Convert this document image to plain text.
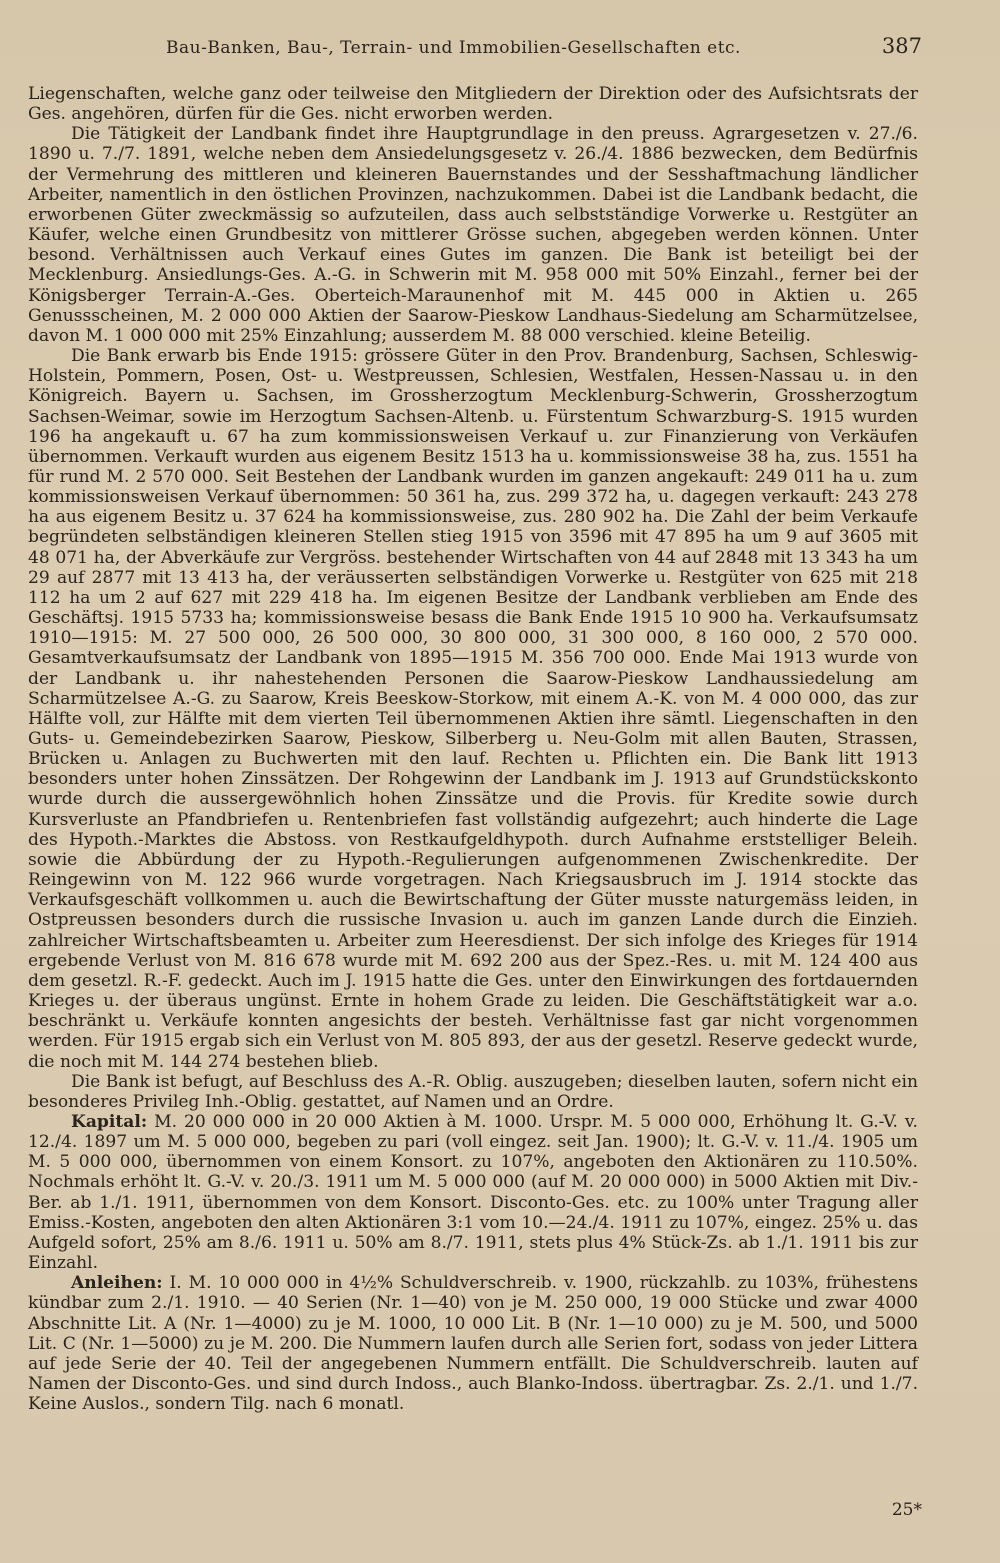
Bau-Banken, Bau-, Terrain- und Immobilien-Gesellschaften etc.	387

Liegenschaften, welche ganz oder teilweise den Mitgliedern der Direktion oder des Aufsichtsrats der Ges. angehören, dürfen für die Ges. nicht erworben werden.

Die Tätigkeit der Landbank findet ihre Hauptgrundlage in den preuss. Agrargesetzen v. 27./6. 1890 u. 7./7. 1891, welche neben dem Ansiedelungsgesetz v. 26./4. 1886 bezwecken, dem Bedürfnis der Vermehrung des mittleren und kleineren Bauernstandes und der Sesshaftmachung ländlicher Arbeiter, namentlich in den östlichen Provinzen, nachzukommen. Dabei ist die Landbank bedacht, die erworbenen Güter zweckmässig so aufzuteilen, dass auch selbstständige Vorwerke u. Restgüter an Käufer, welche einen Grundbesitz von mittlerer Grösse suchen, abgegeben werden können. Unter besond. Verhältnissen auch Verkauf eines Gutes im ganzen. Die Bank ist beteiligt bei der Mecklenburg. Ansiedlungs-Ges. A.-G. in Schwerin mit M. 958 000 mit 50% Einzahl., ferner bei der Königsberger Terrain-A.-Ges. Oberteich-Maraunenhof mit M. 445 000 in Aktien u. 265 Genussscheinen, M. 2 000 000 Aktien der Saarow-Pieskow Landhaus-Siedelung am Scharmützelsee, davon M. 1 000 000 mit 25% Einzahlung; ausserdem M. 88 000 verschied. kleine Beteilig.

Die Bank erwarb bis Ende 1915: grössere Güter in den Prov. Brandenburg, Sachsen, Schleswig-Holstein, Pommern, Posen, Ost- u. Westpreussen, Schlesien, Westfalen, Hessen-Nassau u. in den Königreich. Bayern u. Sachsen, im Grossherzogtum Mecklenburg-Schwerin, Grossherzogtum Sachsen-Weimar, sowie im Herzogtum Sachsen-Altenb. u. Fürstentum Schwarzburg-S. 1915 wurden 196 ha angekauft u. 67 ha zum kommissionsweisen Verkauf u. zur Finanzierung von Verkäufen übernommen. Verkauft wurden aus eigenem Besitz 1513 ha u. kommissionsweise 38 ha, zus. 1551 ha für rund M. 2 570 000. Seit Bestehen der Landbank wurden im ganzen angekauft: 249 011 ha u. zum kommissionsweisen Verkauf übernommen: 50 361 ha, zus. 299 372 ha, u. dagegen verkauft: 243 278 ha aus eigenem Besitz u. 37 624 ha kommissionsweise, zus. 280 902 ha. Die Zahl der beim Verkaufe begründeten selbständigen kleineren Stellen stieg 1915 von 3596 mit 47 895 ha um 9 auf 3605 mit 48 071 ha, der Abverkäufe zur Vergröss. bestehender Wirtschaften von 44 auf 2848 mit 13 343 ha um 29 auf 2877 mit 13 413 ha, der veräusserten selbständigen Vorwerke u. Restgüter von 625 mit 218 112 ha um 2 auf 627 mit 229 418 ha. Im eigenen Besitze der Landbank verblieben am Ende des Geschäftsj. 1915 5733 ha; kommissionsweise besass die Bank Ende 1915 10 900 ha. Verkaufsumsatz 1910—1915: M. 27 500 000, 26 500 000, 30 800 000, 31 300 000, 8 160 000, 2 570 000. Gesamtverkaufsumsatz der Landbank von 1895—1915 M. 356 700 000. Ende Mai 1913 wurde von der Landbank u. ihr nahestehenden Personen die Saarow-Pieskow Landhaussiedelung am Scharmützelsee A.-G. zu Saarow, Kreis Beeskow-Storkow, mit einem A.-K. von M. 4 000 000, das zur Hälfte voll, zur Hälfte mit dem vierten Teil übernommenen Aktien ihre sämtl. Liegenschaften in den Guts- u. Gemeindebezirken Saarow, Pieskow, Silberberg u. Neu-Golm mit allen Bauten, Strassen, Brücken u. Anlagen zu Buchwerten mit den lauf. Rechten u. Pflichten ein. Die Bank litt 1913 besonders unter hohen Zinssätzen. Der Rohgewinn der Landbank im J. 1913 auf Grundstückskonto wurde durch die aussergewöhnlich hohen Zinssätze und die Provis. für Kredite sowie durch Kursverluste an Pfandbriefen u. Rentenbriefen fast vollständig aufgezehrt; auch hinderte die Lage des Hypoth.-Marktes die Abstoss. von Restkaufgeldhypoth. durch Aufnahme erststelliger Beleih. sowie die Abbürdung der zu Hypoth.-Regulierungen aufgenommenen Zwischenkredite. Der Reingewinn von M. 122 966 wurde vorgetragen. Nach Kriegsausbruch im J. 1914 stockte das Verkaufsgeschäft vollkommen u. auch die Bewirtschaftung der Güter musste naturgemäss leiden, in Ostpreussen besonders durch die russische Invasion u. auch im ganzen Lande durch die Einzieh. zahlreicher Wirtschaftsbeamten u. Arbeiter zum Heeresdienst. Der sich infolge des Krieges für 1914 ergebende Verlust von M. 816 678 wurde mit M. 692 200 aus der Spez.-Res. u. mit M. 124 400 aus dem gesetzl. R.-F. gedeckt. Auch im J. 1915 hatte die Ges. unter den Einwirkungen des fortdauernden Krieges u. der überaus ungünst. Ernte in hohem Grade zu leiden. Die Geschäftstätigkeit war a.o. beschränkt u. Verkäufe konnten angesichts der besteh. Verhältnisse fast gar nicht vorgenommen werden. Für 1915 ergab sich ein Verlust von M. 805 893, der aus der gesetzl. Reserve gedeckt wurde, die noch mit M. 144 274 bestehen blieb.

Die Bank ist befugt, auf Beschluss des A.-R. Oblig. auszugeben; dieselben lauten, sofern nicht ein besonderes Privileg Inh.-Oblig. gestattet, auf Namen und an Ordre.

Kapital: M. 20 000 000 in 20 000 Aktien à M. 1000. Urspr. M. 5 000 000, Erhöhung lt. G.-V. v. 12./4. 1897 um M. 5 000 000, begeben zu pari (voll eingez. seit Jan. 1900); lt. G.-V. v. 11./4. 1905 um M. 5 000 000, übernommen von einem Konsort. zu 107%, angeboten den Aktionären zu 110.50%. Nochmals erhöht lt. G.-V. v. 20./3. 1911 um M. 5 000 000 (auf M. 20 000 000) in 5000 Aktien mit Div.-Ber. ab 1./1. 1911, übernommen von dem Konsort. Disconto-Ges. etc. zu 100% unter Tragung aller Emiss.-Kosten, angeboten den alten Aktionären 3:1 vom 10.—24./4. 1911 zu 107%, eingez. 25% u. das Aufgeld sofort, 25% am 8./6. 1911 u. 50% am 8./7. 1911, stets plus 4% Stück-Zs. ab 1./1. 1911 bis zur Einzahl.

Anleihen: I. M. 10 000 000 in 4½% Schuldverschreib. v. 1900, rückzahlb. zu 103%, frühestens kündbar zum 2./1. 1910. — 40 Serien (Nr. 1—40) von je M. 250 000, 19 000 Stücke und zwar 4000 Abschnitte Lit. A (Nr. 1—4000) zu je M. 1000, 10 000 Lit. B (Nr. 1—10 000) zu je M. 500, und 5000 Lit. C (Nr. 1—5000) zu je M. 200. Die Nummern laufen durch alle Serien fort, sodass von jeder Littera auf jede Serie der 40. Teil der angegebenen Nummern entfällt. Die Schuldverschreib. lauten auf Namen der Disconto-Ges. und sind durch Indoss., auch Blanko-Indoss. übertragbar. Zs. 2./1. und 1./7. Keine Auslos., sondern Tilg. nach 6 monatl.

25*
